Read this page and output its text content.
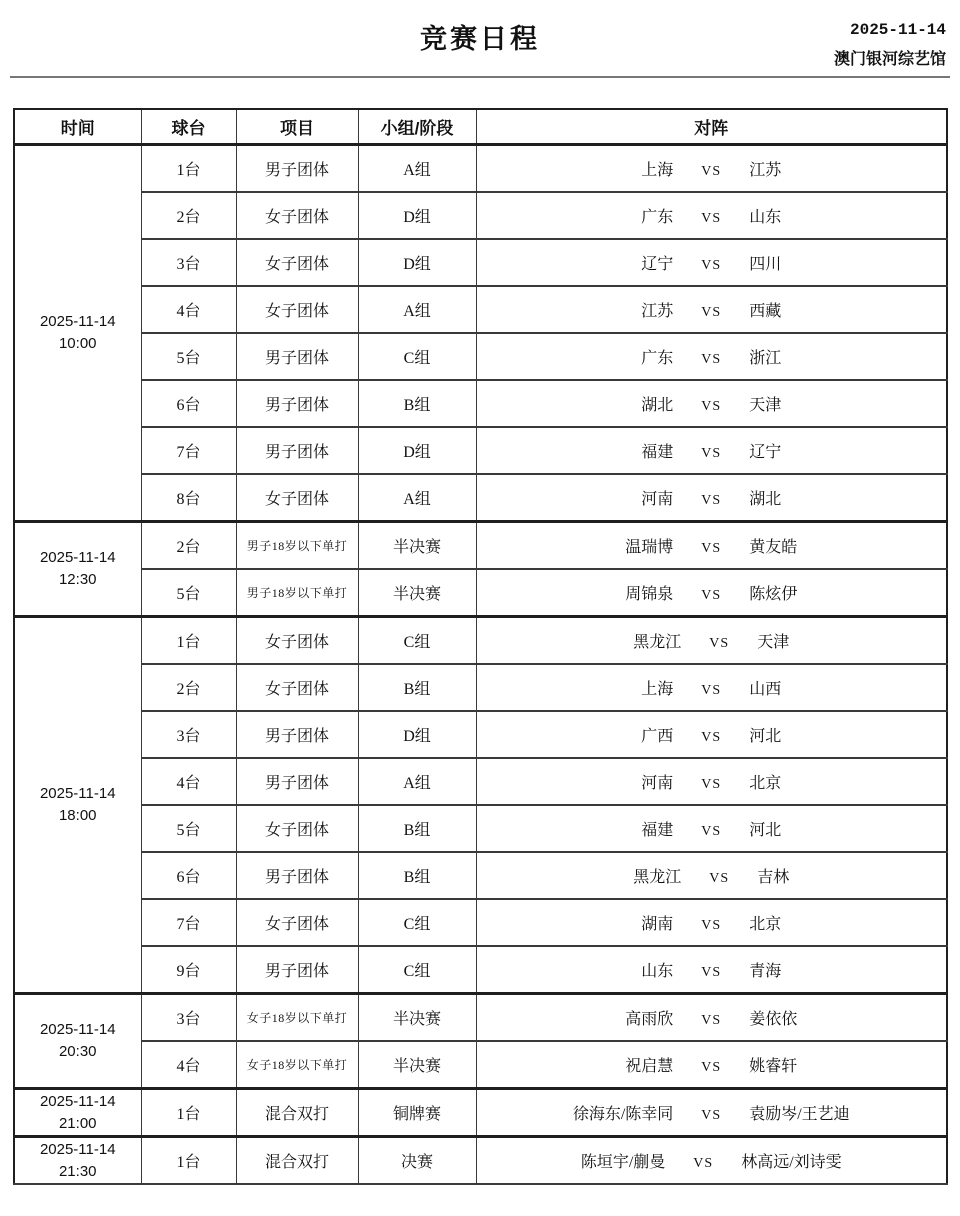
竞赛日程	2025-11-14
澳门银河综艺馆
时间	球台	项目	小组/阶段	对阵

2025-11-14
10:00
	1台	男子团体	A组	上海 VS 江苏

	2台	女子团体	D组	广东 VS 山东

	3台	女子团体	D组	辽宁 VS 四川

	4台	女子团体	A组	江苏 VS 西藏

	5台	男子团体	C组	广东 VS 浙江

	6台	男子团体	B组	湖北 VS 天津

	7台	男子团体	D组	福建 VS 辽宁

	8台	女子团体	A组	河南 VS 湖北

2025-11-14
12:30
	2台	男子18岁以下单打	半决赛	温瑞博 VS 黄友皓

	5台	男子18岁以下单打	半决赛	周锦泉 VS 陈炫伊

2025-11-14
18:00
	1台	女子团体	C组	黑龙江 VS 天津

	2台	女子团体	B组	上海 VS 山西

	3台	男子团体	D组	广西 VS 河北

	4台	男子团体	A组	河南 VS 北京

	5台	女子团体	B组	福建 VS 河北

	6台	男子团体	B组	黑龙江 VS 吉林

	7台	女子团体	C组	湖南 VS 北京

	9台	男子团体	C组	山东 VS 青海

2025-11-14
20:30
	3台	女子18岁以下单打	半决赛	高雨欣 VS 姜依依

	4台	女子18岁以下单打	半决赛	祝启慧 VS 姚睿轩

2025-11-14
21:00	1台	混合双打	铜牌赛	徐海东/陈幸同 VS 袁励岑/王艺迪

2025-11-14
21:30	1台	混合双打	决赛	陈垣宇/蒯曼 VS 林高远/刘诗雯
